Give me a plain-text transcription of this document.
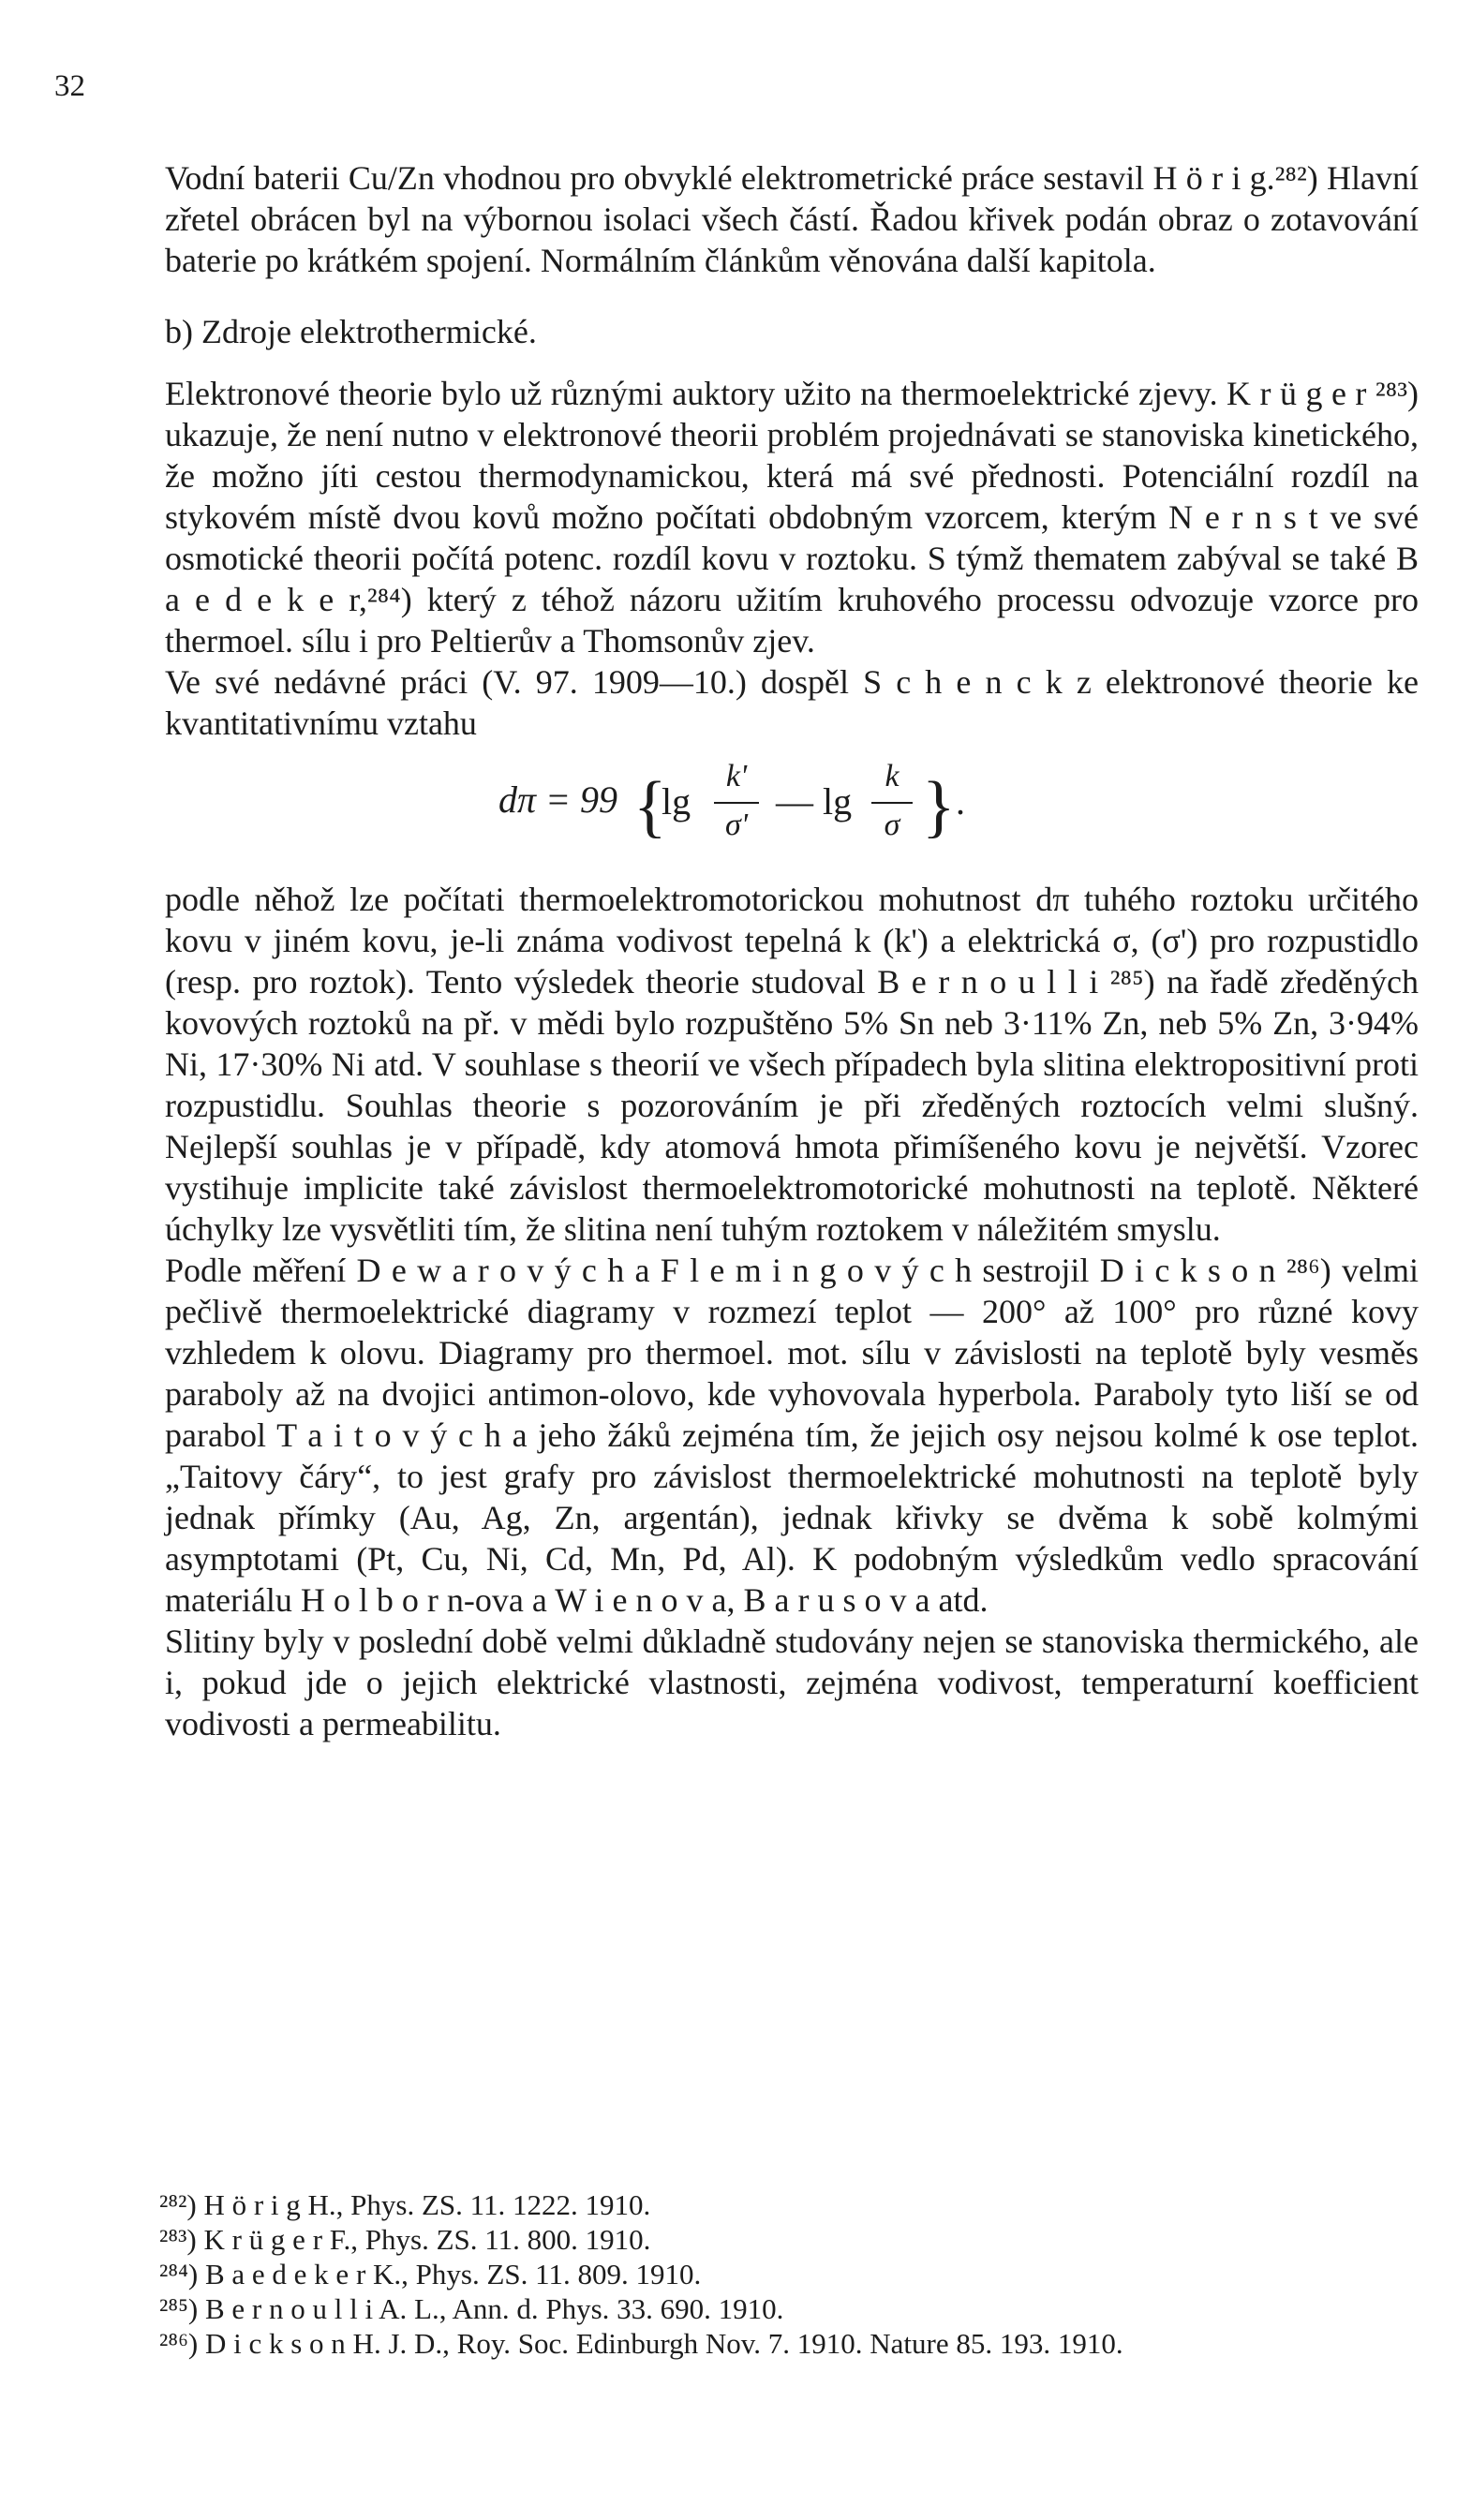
32

Vodní baterii Cu/Zn vhodnou pro obvyklé elektrometrické práce sestavil H ö r i g.²⁸²) Hlavní zřetel obrácen byl na výbornou isolaci všech částí. Řadou křivek podán obraz o zotavování baterie po krátkém spojení. Normálním článkům věnována další kapitola.

b) Zdroje elektrothermické.

Elektronové theorie bylo už různými auktory užito na thermoelektrické zjevy. K r ü g e r ²⁸³) ukazuje, že není nutno v elektronové theorii problém projednávati se stanoviska kinetického, že možno jíti cestou thermodynamickou, která má své přednosti. Potenciální rozdíl na stykovém místě dvou kovů možno počítati obdobným vzorcem, kterým N e r n s t ve své osmotické theorii počítá potenc. rozdíl kovu v roztoku. S týmž thematem zabýval se také B a e d e k e r,²⁸⁴) který z téhož názoru užitím kruhového processu odvozuje vzorce pro thermoel. sílu i pro Peltierův a Thomsonův zjev.

Ve své nedávné práci (V. 97. 1909—10.) dospěl S c h e n c k z elektronové theorie ke kvantitativnímu vztahu

dπ = 99 {
lg
k'
σ'
— lg
k
σ } .

podle něhož lze počítati thermoelektromotorickou mohutnost dπ tuhého roztoku určitého kovu v jiném kovu, je-li známa vodivost tepelná k (k') a elektrická σ, (σ') pro rozpustidlo (resp. pro roztok). Tento výsledek theorie studoval B e r n o u l l i ²⁸⁵) na řadě zředěných kovových roztoků na př. v mědi bylo rozpuštěno 5% Sn neb 3·11% Zn, neb 5% Zn, 3·94% Ni, 17·30% Ni atd. V souhlase s theorií ve všech případech byla slitina elektropositivní proti rozpustidlu. Souhlas theorie s pozorováním je při zředěných roztocích velmi slušný. Nejlepší souhlas je v případě, kdy atomová hmota přimíšeného kovu je největší. Vzorec vystihuje implicite také závislost thermoelektromotorické mohutnosti na teplotě. Některé úchylky lze vysvětliti tím, že slitina není tuhým roztokem v náležitém smyslu.

Podle měření D e w a r o v ý c h a F l e m i n g o v ý c h sestrojil D i c k s o n ²⁸⁶) velmi pečlivě thermoelektrické diagramy v rozmezí teplot — 200° až 100° pro různé kovy vzhledem k olovu. Diagramy pro thermoel. mot. sílu v závislosti na teplotě byly vesměs paraboly až na dvojici antimon-olovo, kde vyhovovala hyperbola. Paraboly tyto liší se od parabol T a i t o v ý c h a jeho žáků zejména tím, že jejich osy nejsou kolmé k ose teplot. „Taitovy čáry“, to jest grafy pro závislost thermoelektrické mohutnosti na teplotě byly jednak přímky (Au, Ag, Zn, argentán), jednak křivky se dvěma k sobě kolmými asymptotami (Pt, Cu, Ni, Cd, Mn, Pd, Al). K podobným výsledkům vedlo spracování materiálu H o l b o r n-ova a W i e n o v a, B a r u s o v a atd.

Slitiny byly v poslední době velmi důkladně studovány nejen se stanoviska thermického, ale i, pokud jde o jejich elektrické vlastnosti, zejména vodivost, temperaturní koefficient vodivosti a permeabilitu.

²⁸²) H ö r i g H., Phys. ZS. 11. 1222. 1910.

²⁸³) K r ü g e r F., Phys. ZS. 11. 800. 1910.

²⁸⁴) B a e d e k e r K., Phys. ZS. 11. 809. 1910.

²⁸⁵) B e r n o u l l i A. L., Ann. d. Phys. 33. 690. 1910.

²⁸⁶) D i c k s o n H. J. D., Roy. Soc. Edinburgh Nov. 7. 1910. Nature 85. 193. 1910.
